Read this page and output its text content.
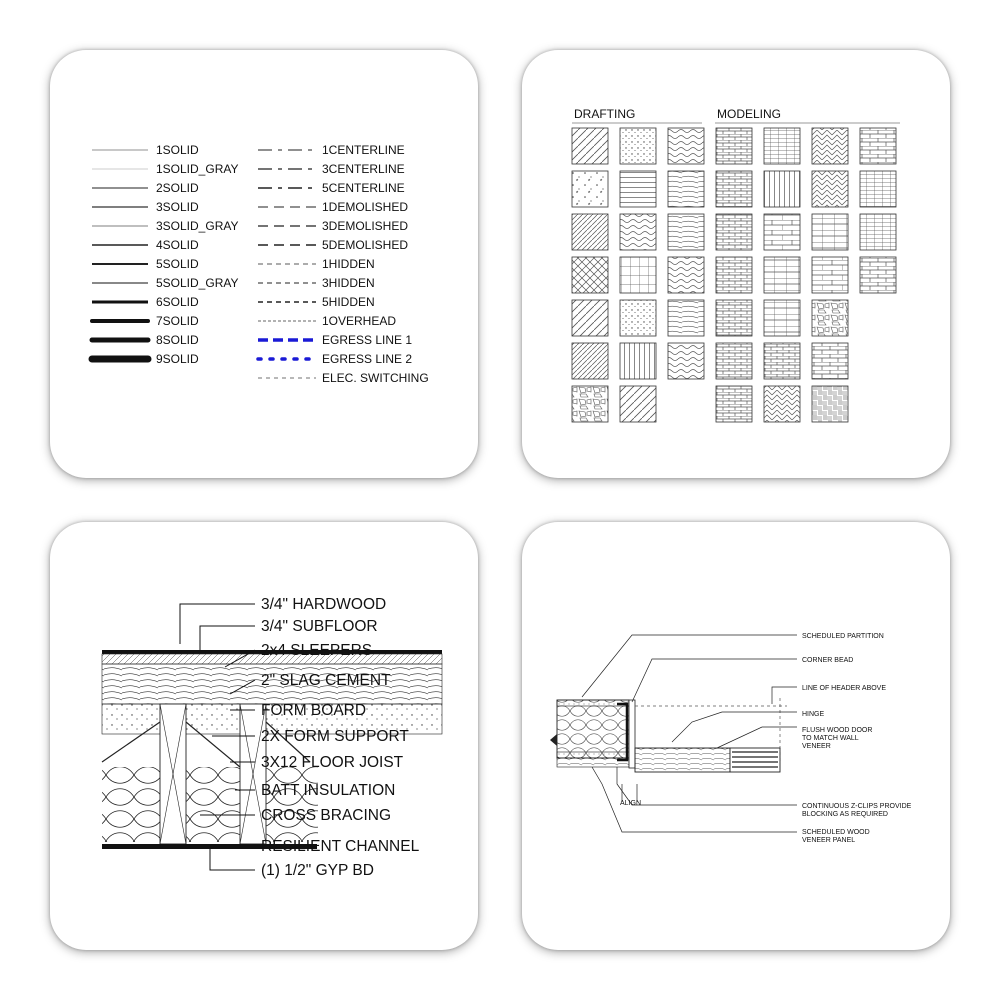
1SOLID
1SOLID_GRAY
2SOLID
3SOLID
3SOLID_GRAY
4SOLID
5SOLID
5SOLID_GRAY
6SOLID
7SOLID
8SOLID
9SOLID
1CENTERLINE
3CENTERLINE
5CENTERLINE
1DEMOLISHED
3DEMOLISHED
5DEMOLISHED
1HIDDEN
3HIDDEN
5HIDDEN
1OVERHEAD
EGRESS LINE 1
EGRESS LINE 2
ELEC. SWITCHING
DRAFTING	MODELING
3/4" HARDWOOD
3/4" SUBFLOOR
2x4 SLEEPERS
2" SLAG CEMENT
FORM BOARD
2X FORM SUPPORT
3X12 FLOOR JOIST
BATT INSULATION
CROSS BRACING
RESILIENT CHANNEL
(1) 1/2" GYP BD
ALIGN
SCHEDULED PARTITION
CORNER BEAD
LINE OF HEADER ABOVE
HINGE
FLUSH WOOD DOOR
TO MATCH WALL
VENEER
CONTINUOUS Z-CLIPS PROVIDE
BLOCKING AS REQUIRED
SCHEDULED WOOD
VENEER PANEL
